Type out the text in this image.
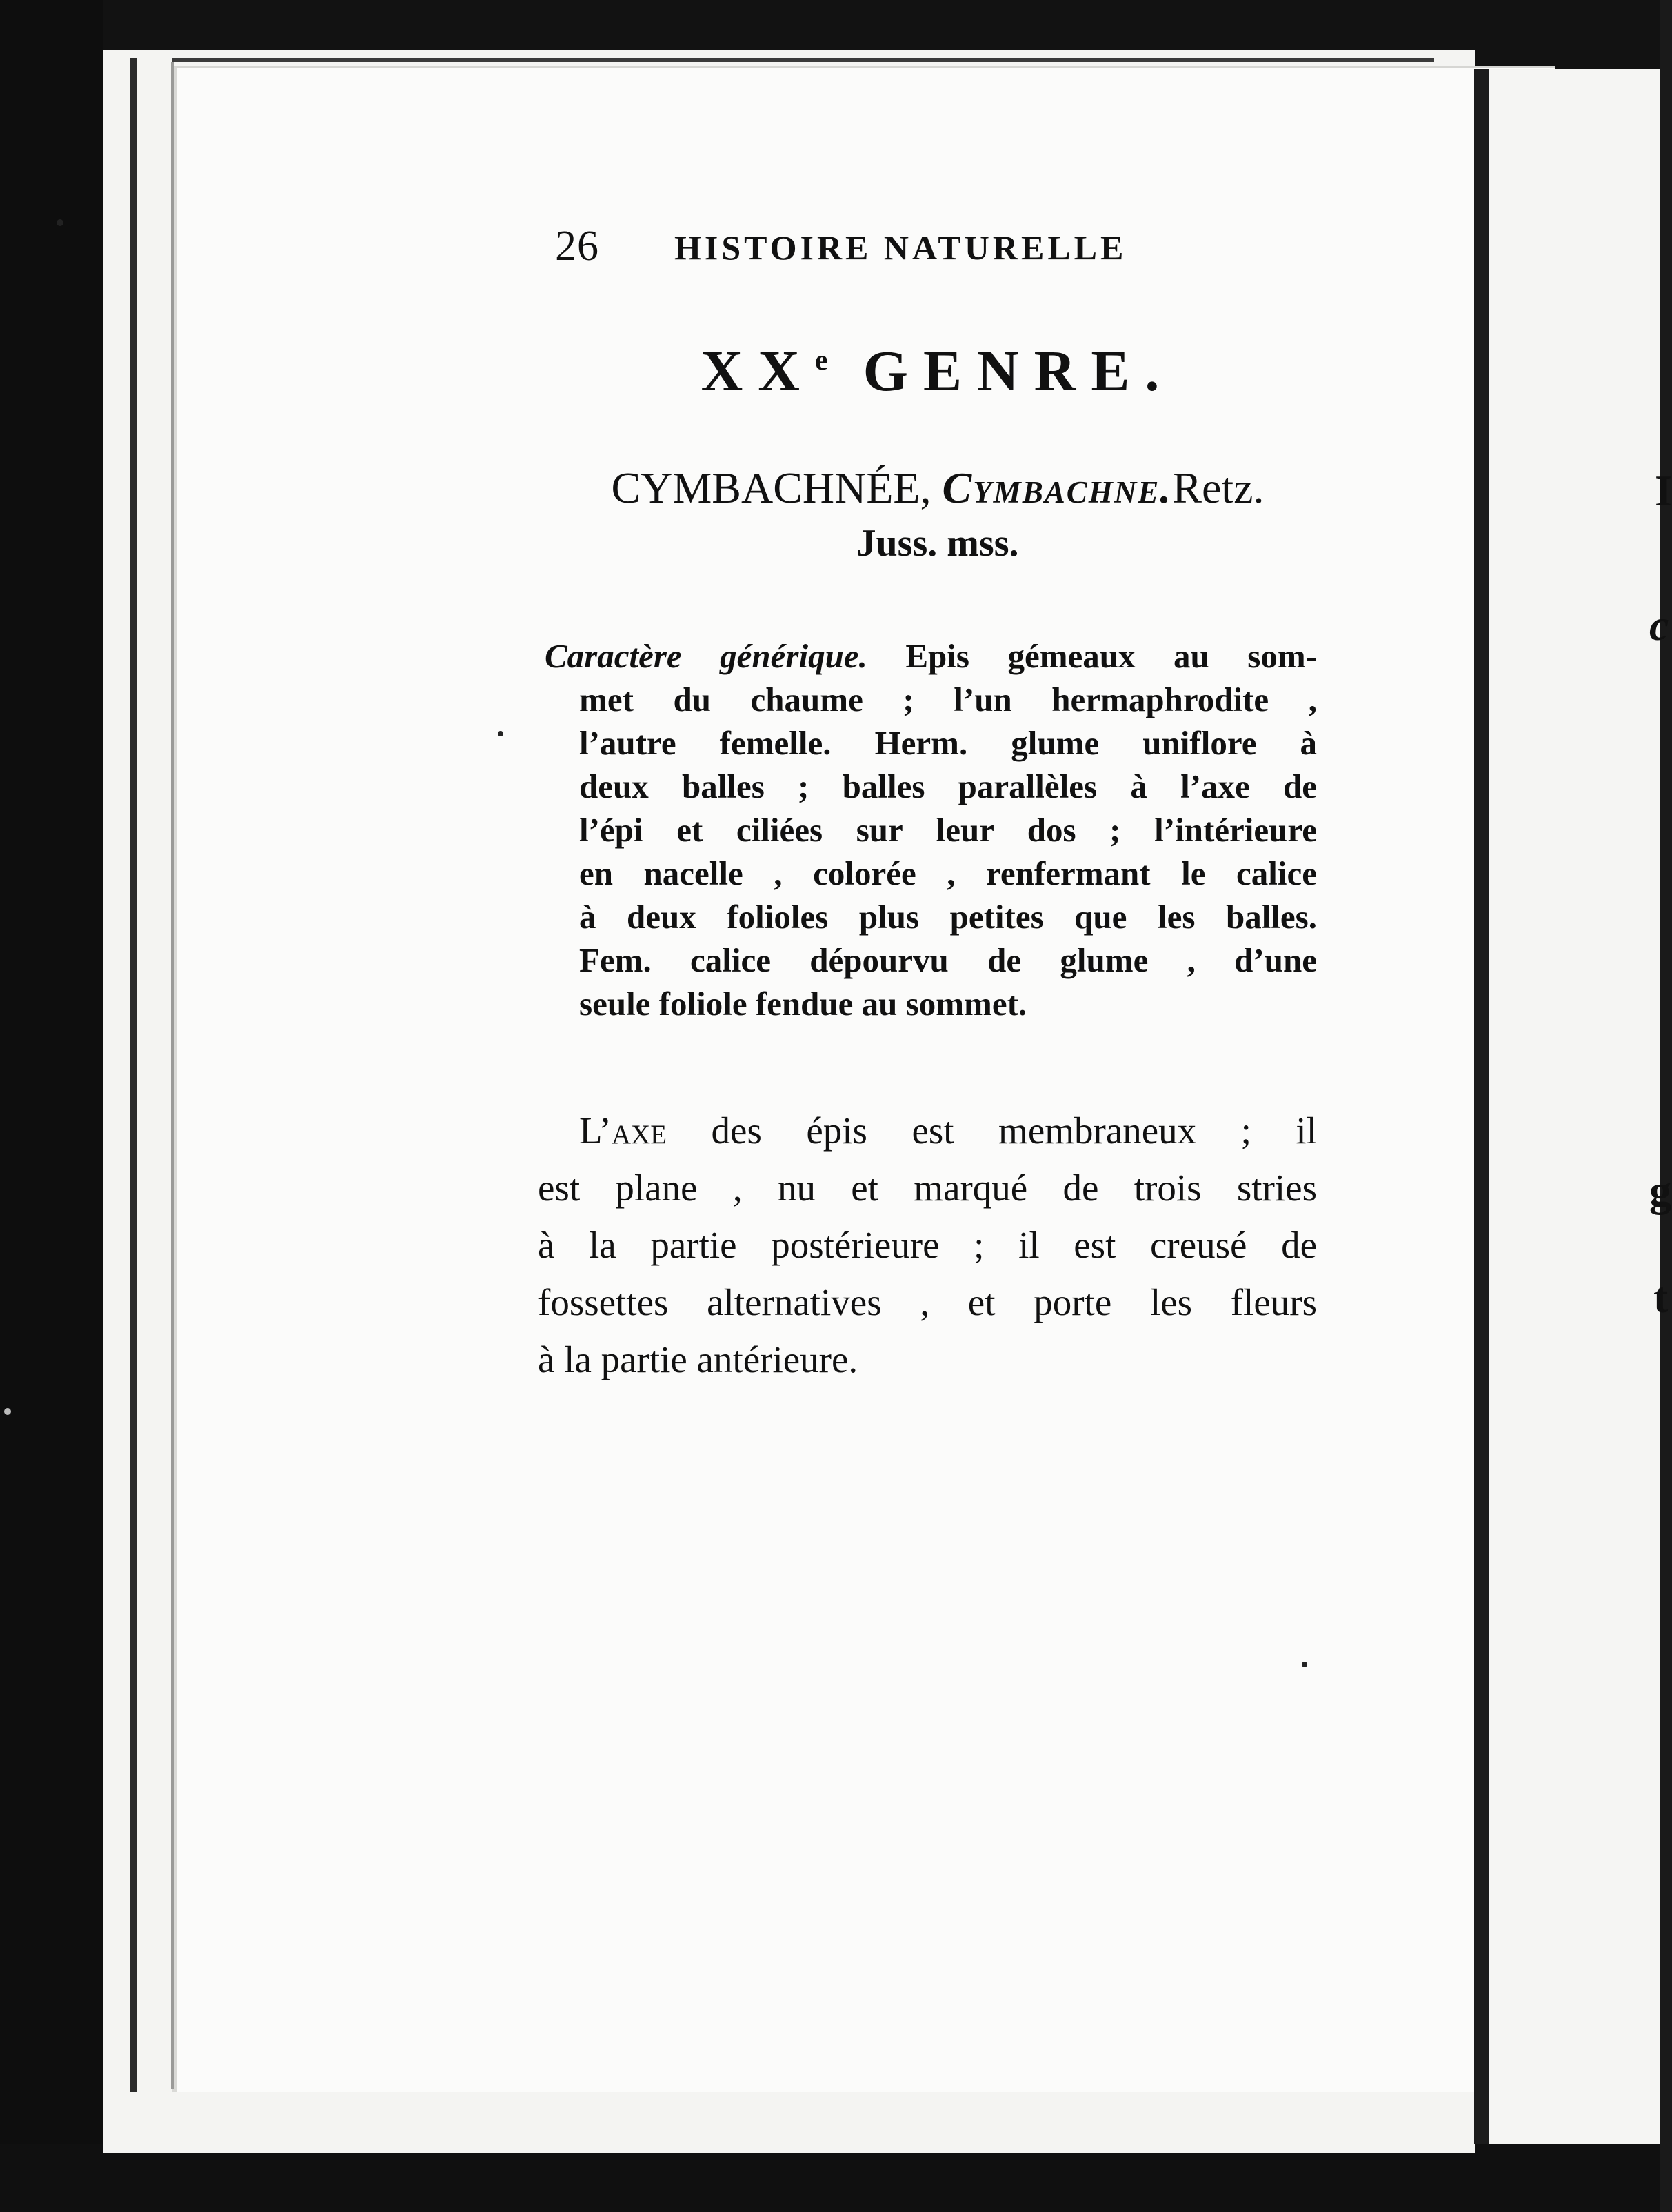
I
c
g
t
26 HISTOIRE NATURELLE
XXe GENRE.
CYMBACHNÉE, Cymbachne.Retz.
Juss. mss.
Caractère générique. Epis gémeaux au som-
met du chaume ; l’un hermaphrodite ,
l’autre femelle. Herm. glume uniflore à
deux balles ; balles parallèles à l’axe de
l’épi et ciliées sur leur dos ; l’intérieure
en nacelle , colorée , renfermant le calice
à deux folioles plus petites que les balles.
Fem. calice dépourvu de glume , d’une
seule foliole fendue au sommet.
L’axe des épis est membraneux ; il
est plane , nu et marqué de trois stries
à la partie postérieure ; il est creusé de
fossettes alternatives , et porte les fleurs
à la partie antérieure.
